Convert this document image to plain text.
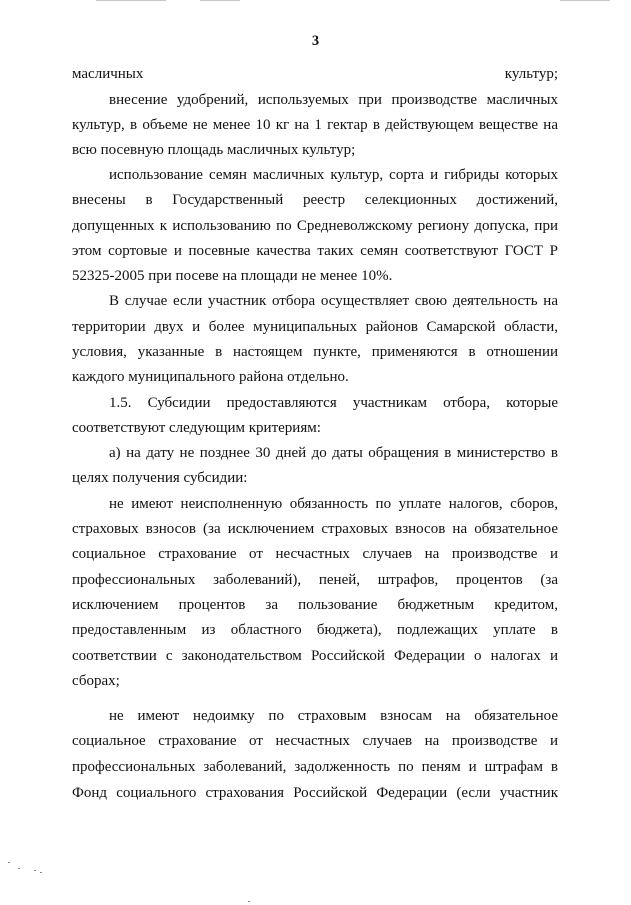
3
масличных культур;
внесение удобрений, используемых при производстве масличных
культур, в объеме не менее 10 кг на 1 гектар в действующем веществе на
всю посевную площадь масличных культур;
использование семян масличных культур, сорта и гибриды которых
внесены в Государственный реестр селекционных достижений,
допущенных к использованию по Средневолжскому региону допуска, при
этом сортовые и посевные качества таких семян соответствуют ГОСТ Р
52325-2005 при посеве на площади не менее 10%.
В случае если участник отбора осуществляет свою деятельность на
территории двух и более муниципальных районов Самарской области,
условия, указанные в настоящем пункте, применяются в отношении
каждого муниципального района отдельно.
1.5. Субсидии предоставляются участникам отбора, которые
соответствуют следующим критериям:
а) на дату не позднее 30 дней до даты обращения в министерство в
целях получения субсидии:
не имеют неисполненную обязанность по уплате налогов, сборов,
страховых взносов (за исключением страховых взносов на обязательное
социальное страхование от несчастных случаев на производстве и
профессиональных заболеваний), пеней, штрафов, процентов (за
исключением процентов за пользование бюджетным кредитом,
предоставленным из областного бюджета), подлежащих уплате в
соответствии с законодательством Российской Федерации о налогах и
сборах;
не имеют недоимку по страховым взносам на обязательное
социальное страхование от несчастных случаев на производстве и
профессиональных заболеваний, задолженность по пеням и штрафам в
Фонд социального страхования Российской Федерации (если участник
